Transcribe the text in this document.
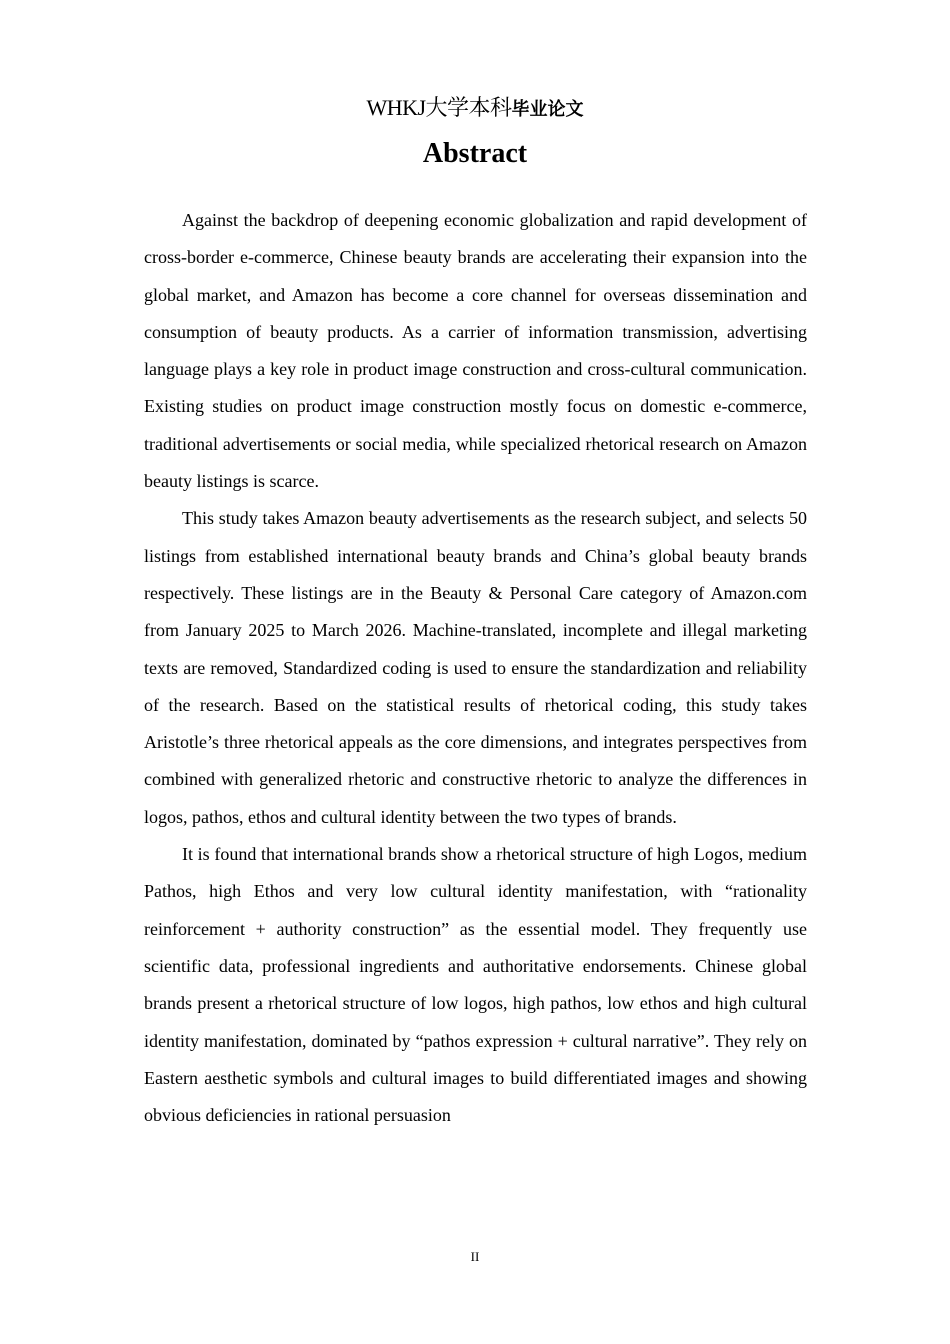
WHKJ大学本科毕业论文
Abstract

Against the backdrop of deepening economic globalization and rapid development of cross-border e-commerce, Chinese beauty brands are accelerating their expansion into the global market, and Amazon has become a core channel for overseas dissemination and consumption of beauty products. As a carrier of information transmission, advertising language plays a key role in product image construction and cross-cultural communication. Existing studies on product image construction mostly focus on domestic e-commerce, traditional advertisements or social media, while specialized rhetorical research on Amazon beauty listings is scarce.

This study takes Amazon beauty advertisements as the research subject, and selects 50 listings from established international beauty brands and China’s global beauty brands respectively. These listings are in the Beauty & Personal Care category of Amazon.com from January 2025 to March 2026. Machine-translated, incomplete and illegal marketing texts are removed, Standardized coding is used to ensure the standardization and reliability of the research. Based on the statistical results of rhetorical coding, this study takes Aristotle’s three rhetorical appeals as the core dimensions, and integrates perspectives from combined with generalized rhetoric and constructive rhetoric to analyze the differences in logos, pathos, ethos and cultural identity between the two types of brands.

It is found that international brands show a rhetorical structure of high Logos, medium Pathos, high Ethos and very low cultural identity manifestation, with “rationality reinforcement + authority construction” as the essential model. They frequently use scientific data, professional ingredients and authoritative endorsements. Chinese global brands present a rhetorical structure of low logos, high pathos, low ethos and high cultural identity manifestation, dominated by “pathos expression + cultural narrative”. They rely on Eastern aesthetic symbols and cultural images to build differentiated images and showing obvious deficiencies in rational persuasion

II
